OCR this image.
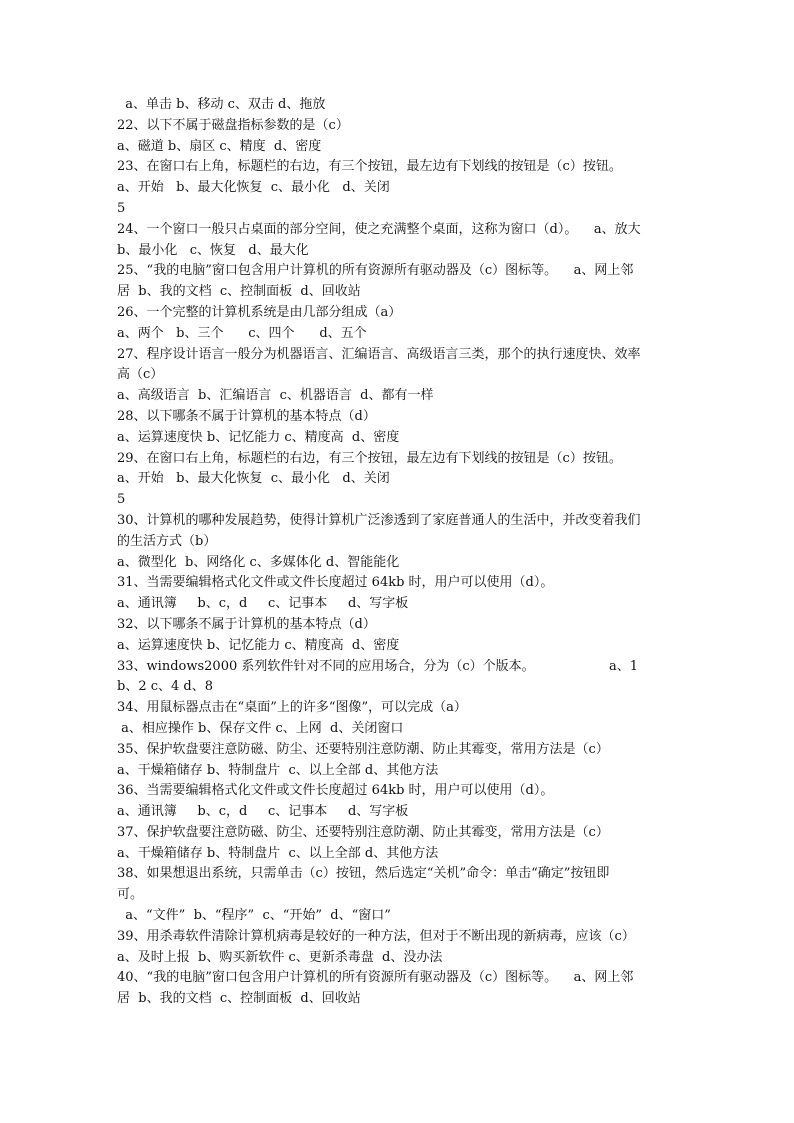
a、单击 b、移动 c、双击 d、拖放
22、以下不属于磁盘指标参数的是（c）
a、磁道 b、扇区 c、精度  d、密度
23、在窗口右上角，标题栏的右边，有三个按钮，最左边有下划线的按钮是（c）按钮。
a、开始   b、最大化恢复  c、最小化   d、关闭
5
24、一个窗口一般只占桌面的部分空间，使之充满整个桌面，这称为窗口（d）。    a、放大
b、最小化   c、恢复   d、最大化
25、“我的电脑”窗口包含用户计算机的所有资源所有驱动器及（c）图标等。    a、网上邻
居  b、我的文档  c、控制面板  d、回收站
26、一个完整的计算机系统是由几部分组成（a）
a、两个   b、三个      c、四个      d、五个
27、程序设计语言一般分为机器语言、汇编语言、高级语言三类，那个的执行速度快、效率
高（c）
a、高级语言  b、汇编语言  c、机器语言  d、都有一样
28、以下哪条不属于计算机的基本特点（d）
a、运算速度快 b、记忆能力 c、精度高  d、密度
29、在窗口右上角，标题栏的右边，有三个按钮，最左边有下划线的按钮是（c）按钮。
a、开始   b、最大化恢复  c、最小化   d、关闭
5
30、计算机的哪种发展趋势，使得计算机广泛渗透到了家庭普通人的生活中，并改变着我们
的生活方式（b）
a、微型化  b、网络化 c、多媒体化 d、智能能化
31、当需要编辑格式化文件或文件长度超过 64kb 时，用户可以使用（d）。
a、通讯簿     b、c，d     c、记事本     d、写字板
32、以下哪条不属于计算机的基本特点（d）
a、运算速度快 b、记忆能力 c、精度高  d、密度
33、windows2000 系列软件针对不同的应用场合，分为（c）个版本。                  a、1
b、2 c、4 d、8
34、用鼠标器点击在“桌面”上的许多“图像”，可以完成（a）
a、相应操作 b、保存文件 c、上网  d、关闭窗口
35、保护软盘要注意防磁、防尘、还要特别注意防潮、防止其霉变，常用方法是（c）
a、干燥箱储存 b、特制盘片  c、以上全部 d、其他方法
36、当需要编辑格式化文件或文件长度超过 64kb 时，用户可以使用（d）。
a、通讯簿     b、c，d     c、记事本     d、写字板
37、保护软盘要注意防磁、防尘、还要特别注意防潮、防止其霉变，常用方法是（c）
a、干燥箱储存 b、特制盘片  c、以上全部 d、其他方法
38、如果想退出系统，只需单击（c）按钮，然后选定“关机”命令：单击“确定”按钮即
可。
a、“文件”  b、“程序”  c、“开始”  d、“窗口”
39、用杀毒软件清除计算机病毒是较好的一种方法，但对于不断出现的新病毒，应该（c）
a、及时上报  b、购买新软件 c、更新杀毒盘  d、没办法
40、“我的电脑”窗口包含用户计算机的所有资源所有驱动器及（c）图标等。    a、网上邻
居  b、我的文档  c、控制面板  d、回收站
